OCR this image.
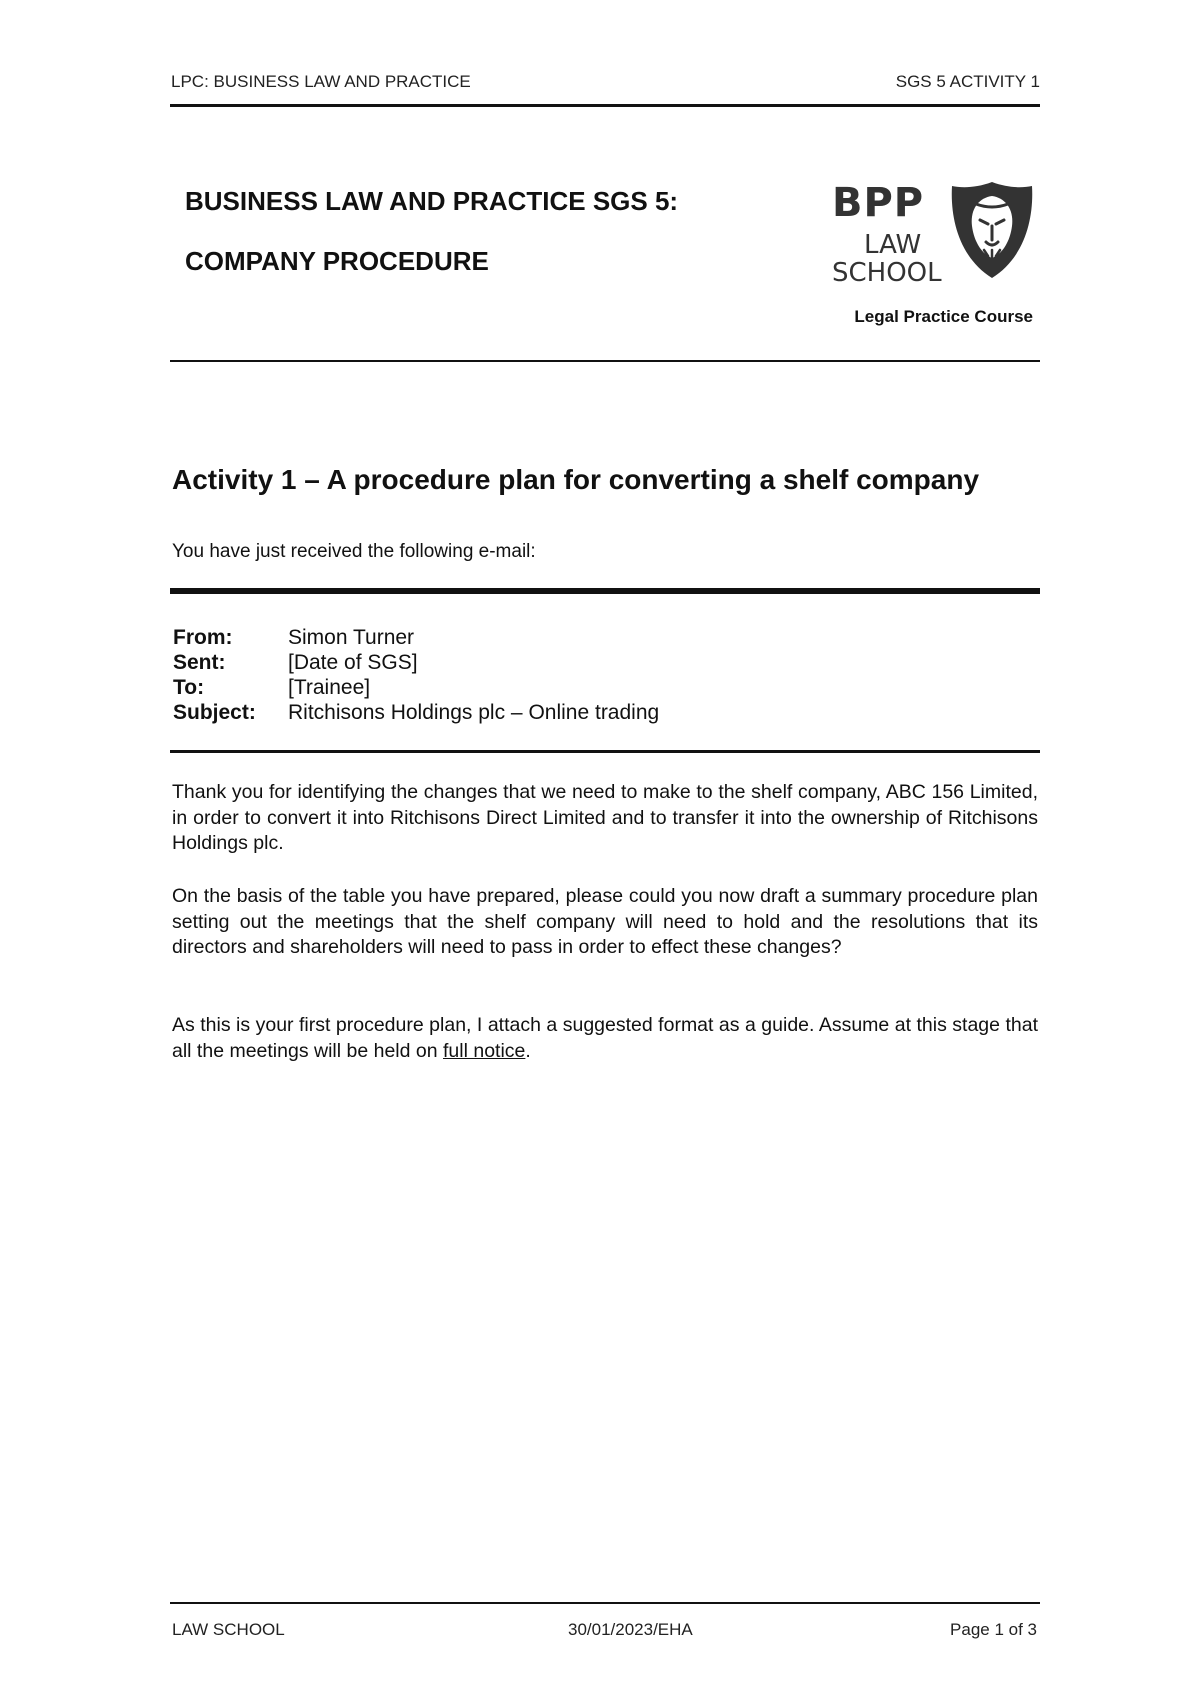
LPC: BUSINESS LAW AND PRACTICE	SGS 5 ACTIVITY 1
BUSINESS LAW AND PRACTICE SGS 5:
COMPANY PROCEDURE
BPP
LAW
SCHOOL
Legal Practice Course
Activity 1 – A procedure plan for converting a shelf company
You have just received the following e-mail:
From:	Simon Turner
Sent:	[Date of SGS]
To:	[Trainee]
Subject:	Ritchisons Holdings plc – Online trading
Thank you for identifying the changes that we need to make to the shelf company, ABC 156 Limited, in order to convert it into Ritchisons Direct Limited and to transfer it into the ownership of Ritchisons Holdings plc.
On the basis of the table you have prepared, please could you now draft a summary procedure plan setting out the meetings that the shelf company will need to hold and the resolutions that its directors and shareholders will need to pass in order to effect these changes?
As this is your first procedure plan, I attach a suggested format as a guide. Assume at this stage that all the meetings will be held on full notice.
LAW SCHOOL	30/01/2023/EHA	Page 1 of 3
